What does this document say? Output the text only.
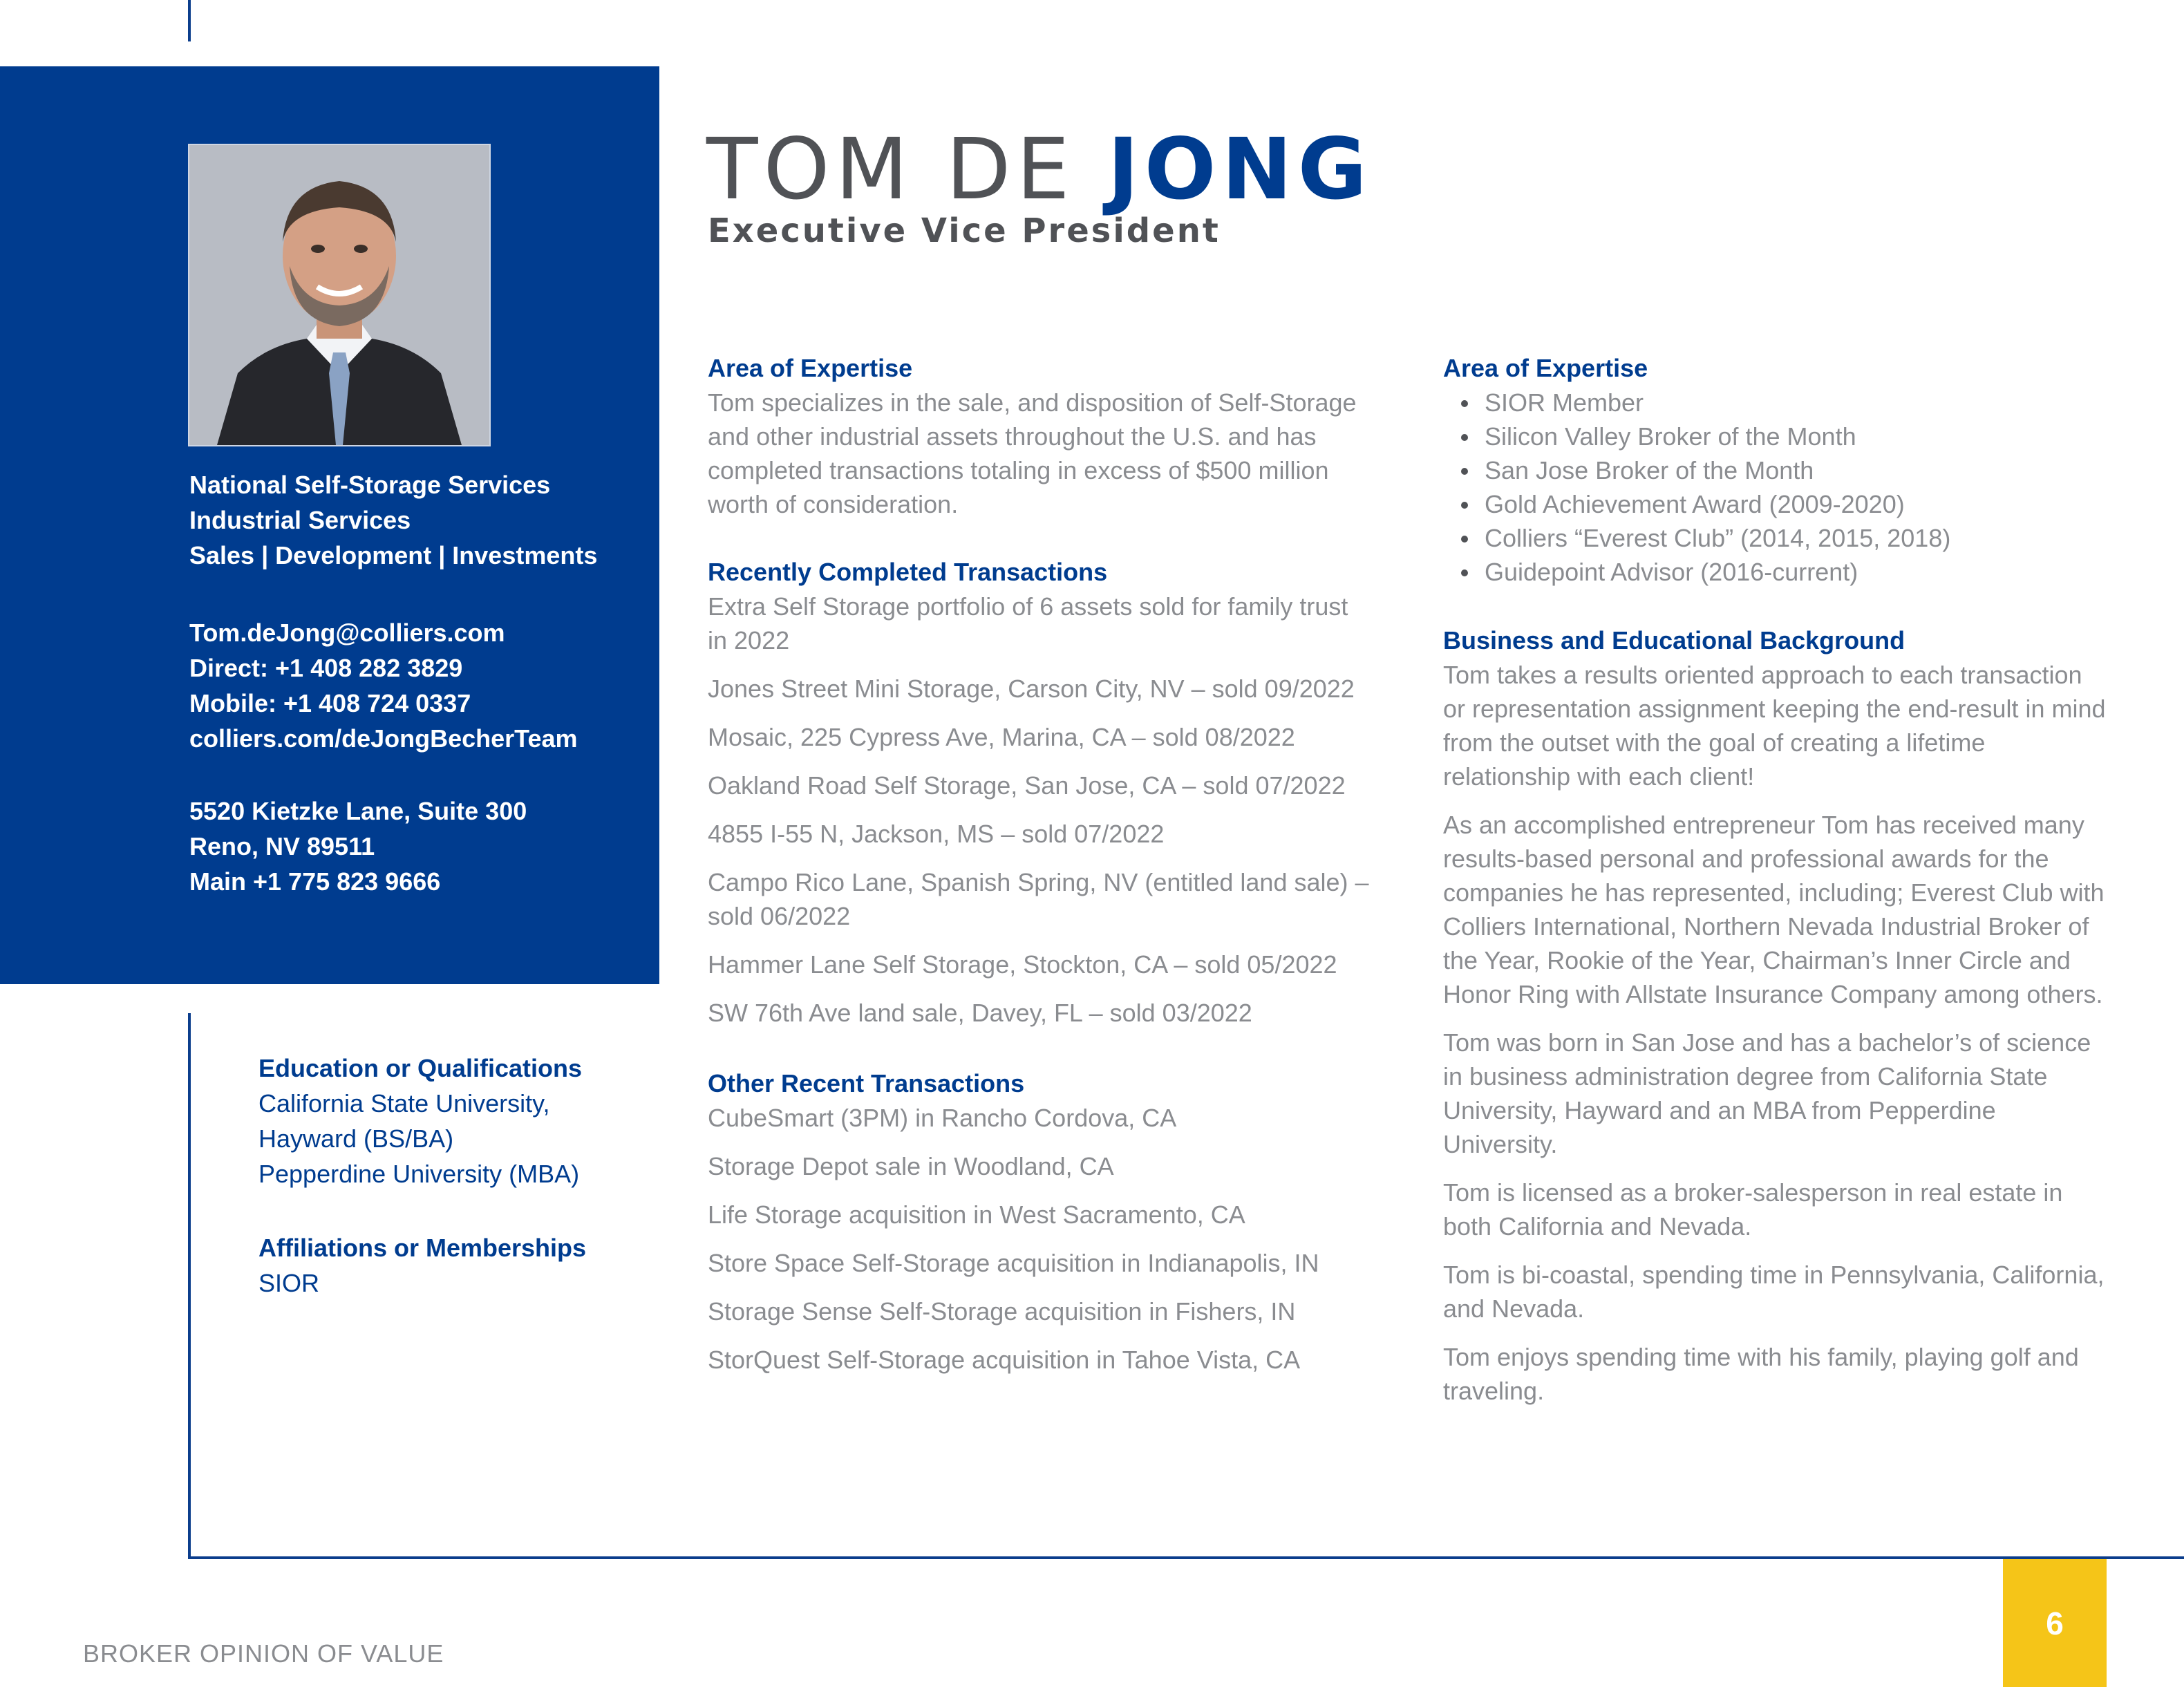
National Self-Storage Services
Industrial Services
Sales | Development | Investments
Tom.deJong@colliers.com
Direct: +1 408 282 3829
Mobile: +1 408 724 0337
colliers.com/deJongBecherTeam
5520 Kietzke Lane, Suite 300
Reno, NV 89511
Main +1 775 823 9666
Education or Qualifications
California State University,
Hayward (BS/BA)
Pepperdine University (MBA)
Affiliations or Memberships
SIOR
TOM DE JONG
Executive Vice President
Area of Expertise
Tom specializes in the sale, and disposition of Self-Storage and other industrial assets throughout the U.S. and has completed transactions totaling in excess of $500 million worth of consideration.
Recently Completed Transactions
Extra Self Storage portfolio of 6 assets sold for family trust in 2022
Jones Street Mini Storage, Carson City, NV – sold 09/2022
Mosaic, 225 Cypress Ave, Marina, CA – sold 08/2022
Oakland Road Self Storage, San Jose, CA – sold 07/2022
4855 I-55 N, Jackson, MS – sold 07/2022
Campo Rico Lane, Spanish Spring, NV (entitled land sale) – sold 06/2022
Hammer Lane Self Storage, Stockton, CA – sold 05/2022
SW 76th Ave land sale, Davey, FL – sold 03/2022
Other Recent Transactions
CubeSmart (3PM) in Rancho Cordova, CA
Storage Depot sale in Woodland, CA
Life Storage acquisition in West Sacramento, CA
Store Space Self-Storage acquisition in Indianapolis, IN
Storage Sense Self-Storage acquisition in Fishers, IN
StorQuest Self-Storage acquisition in Tahoe Vista, CA
Area of Expertise
SIOR Member
Silicon Valley Broker of the Month
San Jose Broker of the Month
Gold Achievement Award (2009-2020)
Colliers “Everest Club” (2014, 2015, 2018)
Guidepoint Advisor (2016-current)
Business and Educational Background
Tom takes a results oriented approach to each transaction or representation assignment keeping the end-result in mind from the outset with the goal of creating a lifetime relationship with each client!
As an accomplished entrepreneur Tom has received many results-based personal and professional awards for the companies he has represented, including; Everest Club with Colliers International, Northern Nevada Industrial Broker of the Year, Rookie of the Year, Chairman’s Inner Circle and Honor Ring with Allstate Insurance Company among others.
Tom was born in San Jose and has a bachelor’s of science in business administration degree from California State University, Hayward and an MBA from Pepperdine University.
Tom is licensed as a broker-salesperson in real estate in both California and Nevada.
Tom is bi-coastal, spending time in Pennsylvania, California, and Nevada.
Tom enjoys spending time with his family, playing golf and traveling.
BROKER OPINION OF VALUE
6
